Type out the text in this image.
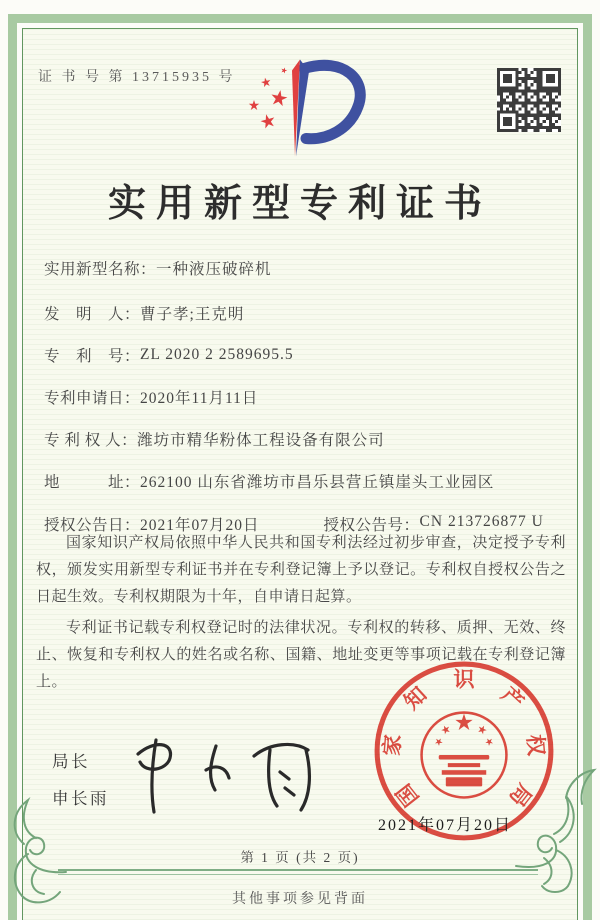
证 书 号 第 13715935 号
实用新型专利证书
实用新型名称： 一种液压破碎机
发　明　人： 曹子孝;王克明
专　利　号： ZL 2020 2 2589695.5
专利申请日： 2020年11月11日
专 利 权 人： 潍坊市精华粉体工程设备有限公司
地　　　址： 262100 山东省潍坊市昌乐县营丘镇崖头工业园区
授权公告日： 2021年07月20日	授权公告号： CN 213726877 U

国家知识产权局依照中华人民共和国专利法经过初步审查，决定授予专利权，颁发实用新型专利证书并在专利登记簿上予以登记。专利权自授权公告之日起生效。专利权期限为十年，自申请日起算。

专利证书记载专利权登记时的法律状况。专利权的转移、质押、无效、终止、恢复和专利权人的姓名或名称、国籍、地址变更等事项记载在专利登记簿上。

局长
申长雨	国
家
知
识
产
权
局
2021年07月20日
第 1 页 (共 2 页)
其他事项参见背面
